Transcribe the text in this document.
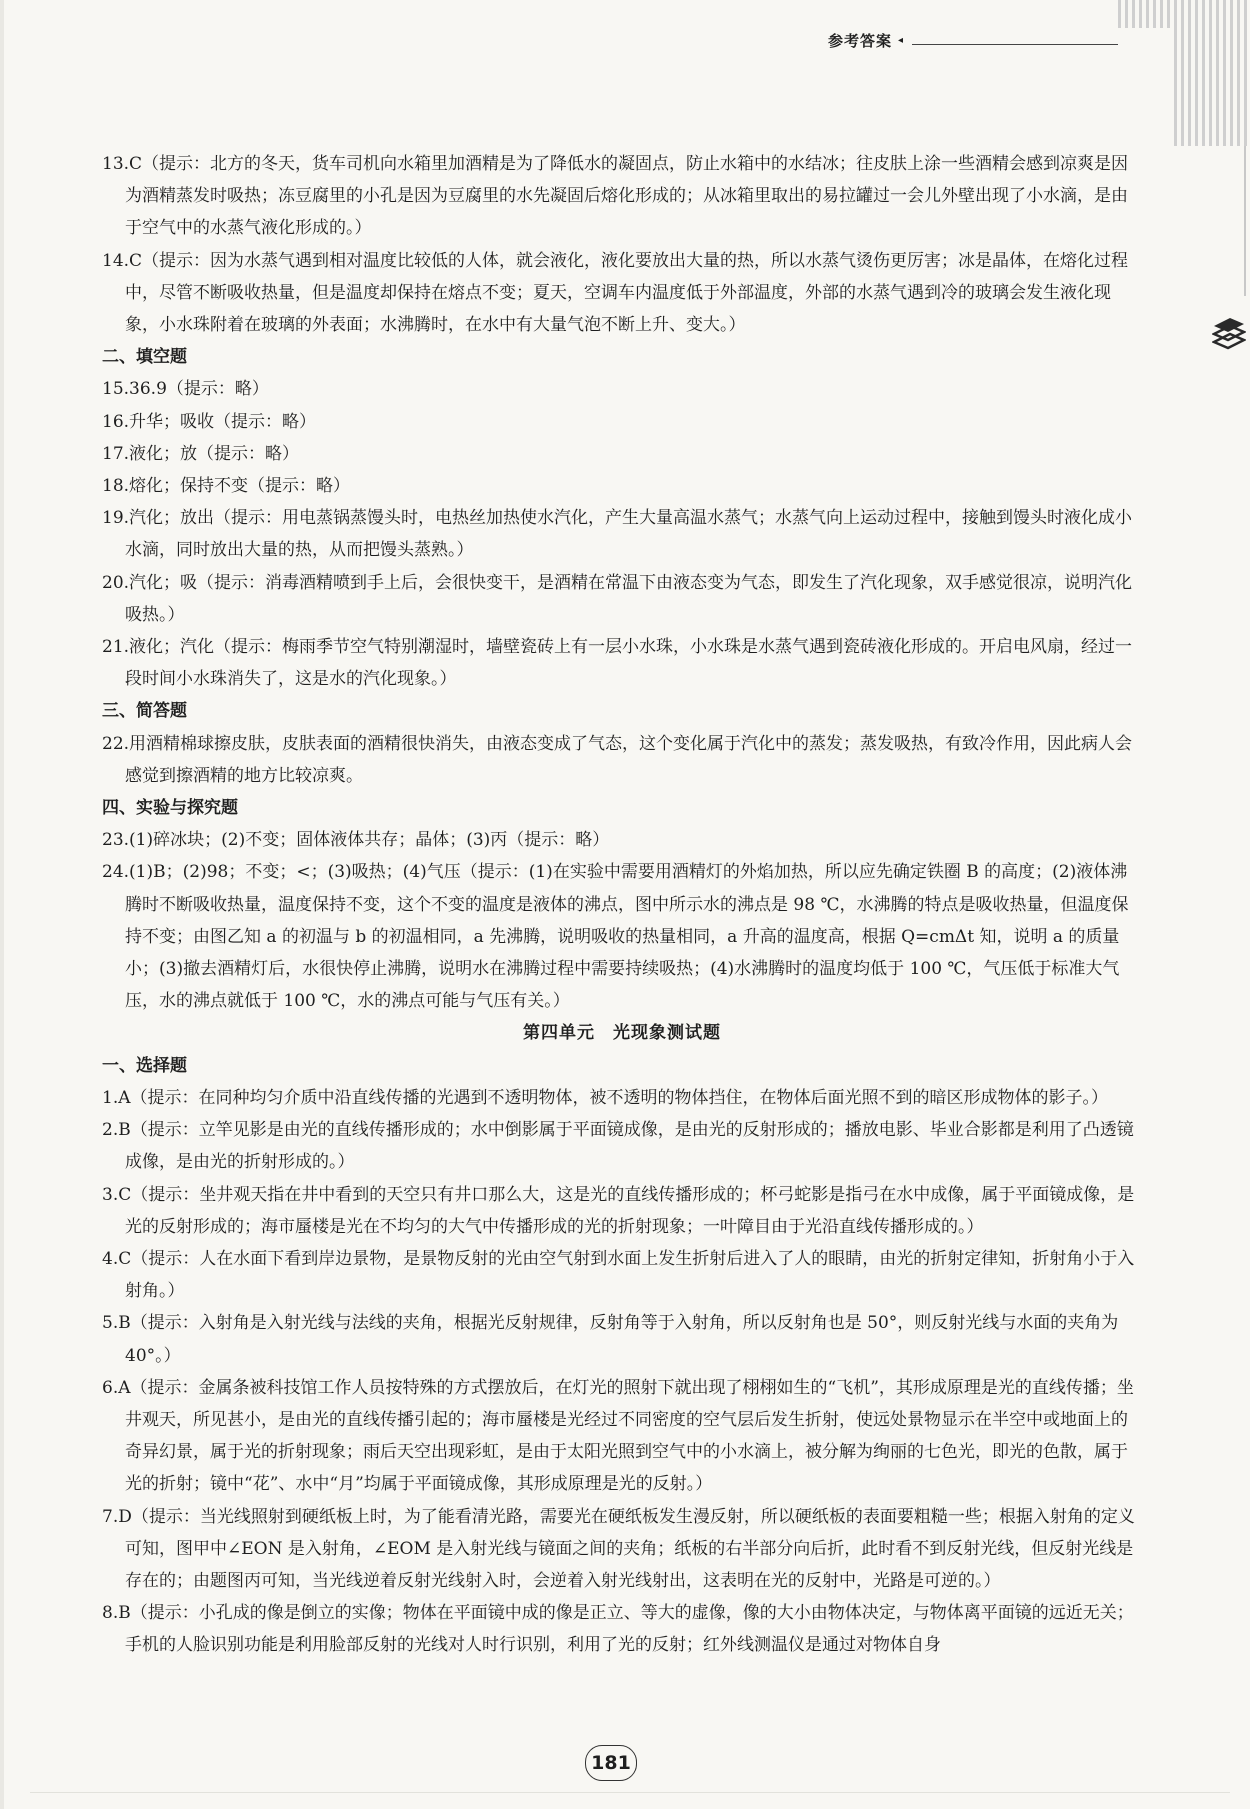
参考答案 ◂

13.C（提示：北方的冬天，货车司机向水箱里加酒精是为了降低水的凝固点，防止水箱中的水结冰；往皮肤上涂一些酒精会感到凉爽是因为酒精蒸发时吸热；冻豆腐里的小孔是因为豆腐里的水先凝固后熔化形成的；从冰箱里取出的易拉罐过一会儿外壁出现了小水滴，是由于空气中的水蒸气液化形成的。）

14.C（提示：因为水蒸气遇到相对温度比较低的人体，就会液化，液化要放出大量的热，所以水蒸气烫伤更厉害；冰是晶体，在熔化过程中，尽管不断吸收热量，但是温度却保持在熔点不变；夏天，空调车内温度低于外部温度，外部的水蒸气遇到冷的玻璃会发生液化现象，小水珠附着在玻璃的外表面；水沸腾时，在水中有大量气泡不断上升、变大。）

二、填空题

15.36.9（提示：略）

16.升华；吸收（提示：略）

17.液化；放（提示：略）

18.熔化；保持不变（提示：略）

19.汽化；放出（提示：用电蒸锅蒸馒头时，电热丝加热使水汽化，产生大量高温水蒸气；水蒸气向上运动过程中，接触到馒头时液化成小水滴，同时放出大量的热，从而把馒头蒸熟。）

20.汽化；吸（提示：消毒酒精喷到手上后，会很快变干，是酒精在常温下由液态变为气态，即发生了汽化现象，双手感觉很凉，说明汽化吸热。）

21.液化；汽化（提示：梅雨季节空气特别潮湿时，墙壁瓷砖上有一层小水珠，小水珠是水蒸气遇到瓷砖液化形成的。开启电风扇，经过一段时间小水珠消失了，这是水的汽化现象。）

三、简答题

22.用酒精棉球擦皮肤，皮肤表面的酒精很快消失，由液态变成了气态，这个变化属于汽化中的蒸发；蒸发吸热，有致冷作用，因此病人会感觉到擦酒精的地方比较凉爽。

四、实验与探究题

23.(1)碎冰块；(2)不变；固体液体共存；晶体；(3)丙（提示：略）

24.(1)B；(2)98；不变；<；(3)吸热；(4)气压（提示：(1)在实验中需要用酒精灯的外焰加热，所以应先确定铁圈 B 的高度；(2)液体沸腾时不断吸收热量，温度保持不变，这个不变的温度是液体的沸点，图中所示水的沸点是 98 ℃，水沸腾的特点是吸收热量，但温度保持不变；由图乙知 a 的初温与 b 的初温相同，a 先沸腾，说明吸收的热量相同，a 升高的温度高，根据 Q=cmΔt 知，说明 a 的质量小；(3)撤去酒精灯后，水很快停止沸腾，说明水在沸腾过程中需要持续吸热；(4)水沸腾时的温度均低于 100 ℃，气压低于标准大气压，水的沸点就低于 100 ℃，水的沸点可能与气压有关。）

第四单元　光现象测试题

一、选择题

1.A（提示：在同种均匀介质中沿直线传播的光遇到不透明物体，被不透明的物体挡住，在物体后面光照不到的暗区形成物体的影子。）

2.B（提示：立竿见影是由光的直线传播形成的；水中倒影属于平面镜成像，是由光的反射形成的；播放电影、毕业合影都是利用了凸透镜成像，是由光的折射形成的。）

3.C（提示：坐井观天指在井中看到的天空只有井口那么大，这是光的直线传播形成的；杯弓蛇影是指弓在水中成像，属于平面镜成像，是光的反射形成的；海市蜃楼是光在不均匀的大气中传播形成的光的折射现象；一叶障目由于光沿直线传播形成的。）

4.C（提示：人在水面下看到岸边景物，是景物反射的光由空气射到水面上发生折射后进入了人的眼睛，由光的折射定律知，折射角小于入射角。）

5.B（提示：入射角是入射光线与法线的夹角，根据光反射规律，反射角等于入射角，所以反射角也是 50°，则反射光线与水面的夹角为 40°。）

6.A（提示：金属条被科技馆工作人员按特殊的方式摆放后，在灯光的照射下就出现了栩栩如生的“飞机”，其形成原理是光的直线传播；坐井观天，所见甚小，是由光的直线传播引起的；海市蜃楼是光经过不同密度的空气层后发生折射，使远处景物显示在半空中或地面上的奇异幻景，属于光的折射现象；雨后天空出现彩虹，是由于太阳光照到空气中的小水滴上，被分解为绚丽的七色光，即光的色散，属于光的折射；镜中“花”、水中“月”均属于平面镜成像，其形成原理是光的反射。）

7.D（提示：当光线照射到硬纸板上时，为了能看清光路，需要光在硬纸板发生漫反射，所以硬纸板的表面要粗糙一些；根据入射角的定义可知，图甲中∠EON 是入射角，∠EOM 是入射光线与镜面之间的夹角；纸板的右半部分向后折，此时看不到反射光线，但反射光线是存在的；由题图丙可知，当光线逆着反射光线射入时，会逆着入射光线射出，这表明在光的反射中，光路是可逆的。）

8.B（提示：小孔成的像是倒立的实像；物体在平面镜中成的像是正立、等大的虚像，像的大小由物体决定，与物体离平面镜的远近无关；手机的人脸识别功能是利用脸部反射的光线对人时行识别，利用了光的反射；红外线测温仪是通过对物体自身

181
